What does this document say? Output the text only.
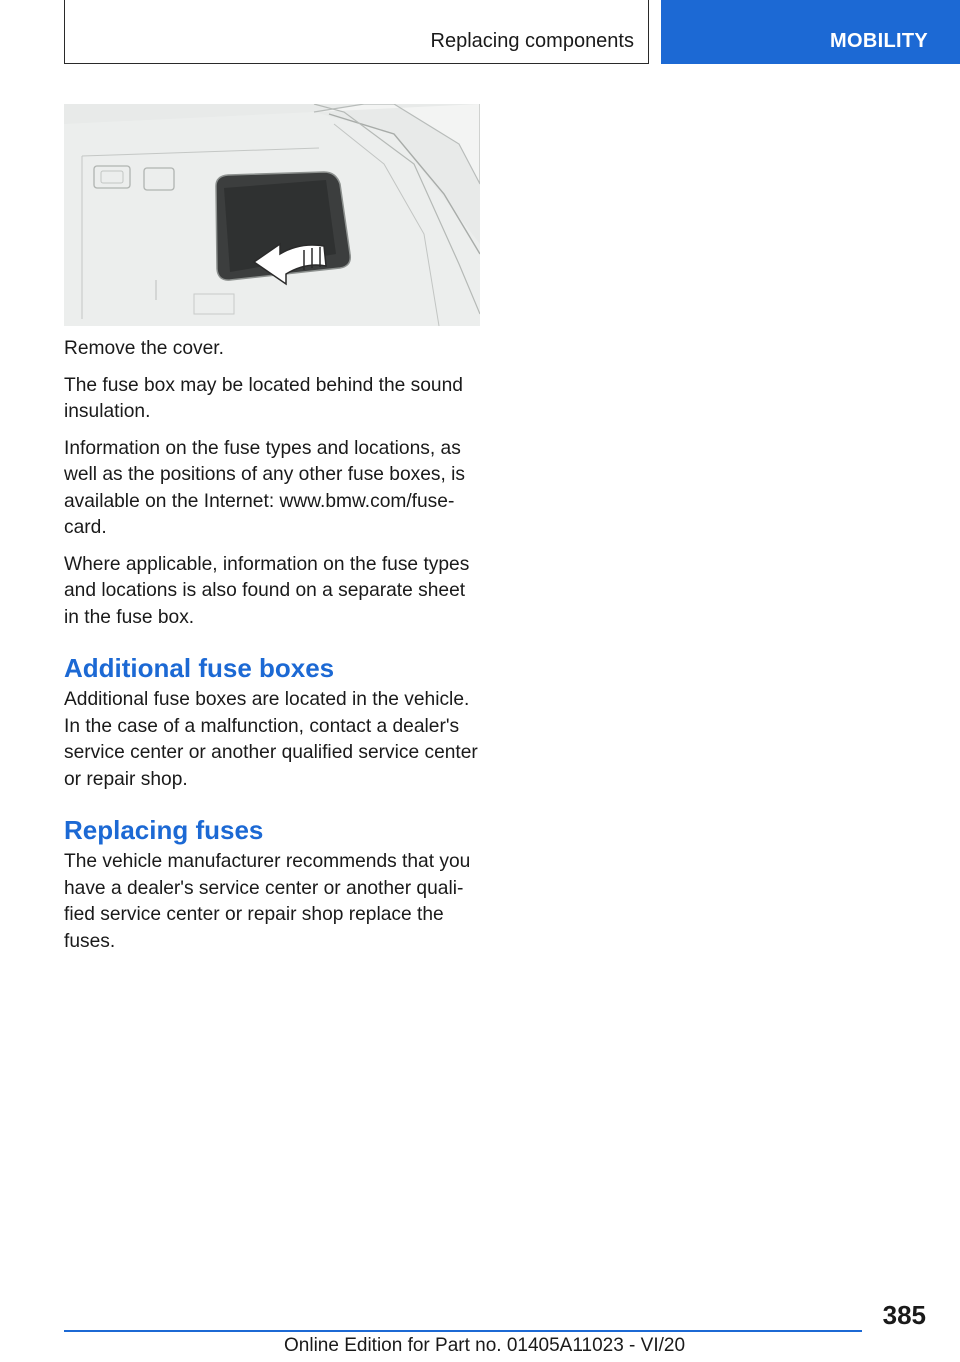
Replacing components	MOBILITY

Remove the cover.

The fuse box may be located behind the sound insulation.

Information on the fuse types and locations, as well as the positions of any other fuse boxes, is available on the Internet: www.bmw.com/fuse-card.

Where applicable, information on the fuse types and locations is also found on a separate sheet in the fuse box.

Additional fuse boxes

Additional fuse boxes are located in the vehicle. In the case of a malfunction, contact a dealer's service center or another qualified service center or repair shop.

Replacing fuses

The vehicle manufacturer recommends that you have a dealer's service center or another qualified service center or repair shop replace the fuses.

385
Online Edition for Part no. 01405A11023 - VI/20
